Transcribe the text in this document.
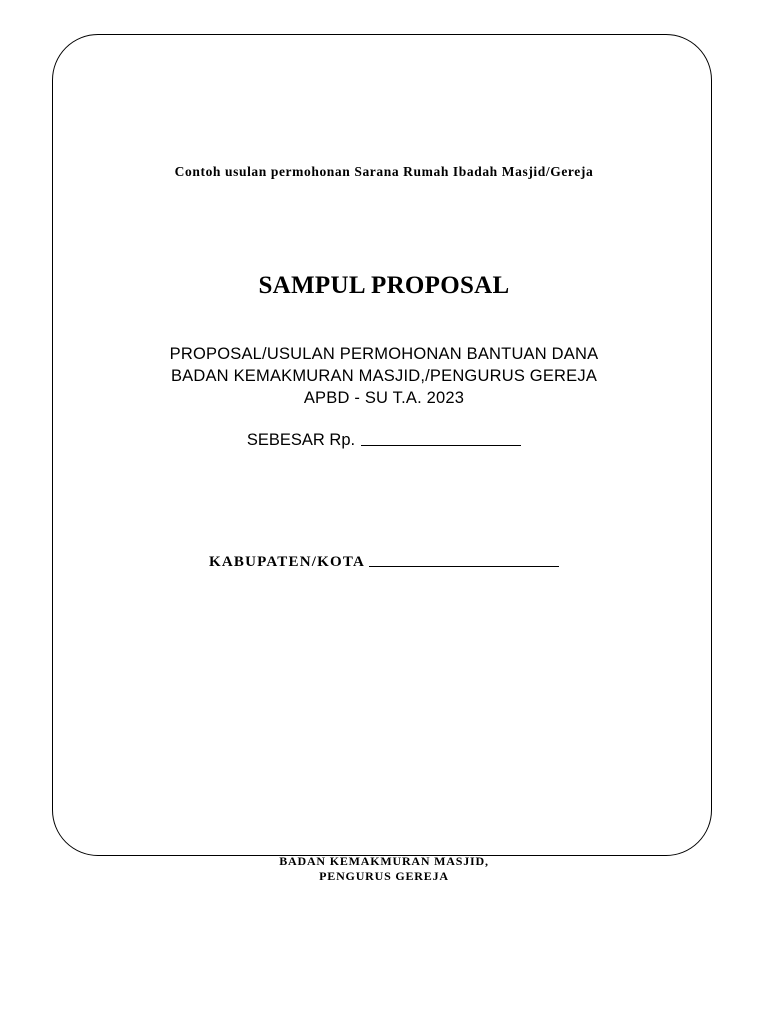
Contoh usulan permohonan Sarana Rumah Ibadah Masjid/Gereja
SAMPUL PROPOSAL
PROPOSAL/USULAN PERMOHONAN BANTUAN DANA
BADAN KEMAKMURAN MASJID,/PENGURUS GEREJA
APBD - SU T.A. 2023
SEBESAR Rp.
KABUPATEN/KOTA
BADAN KEMAKMURAN MASJID,
PENGURUS GEREJA
